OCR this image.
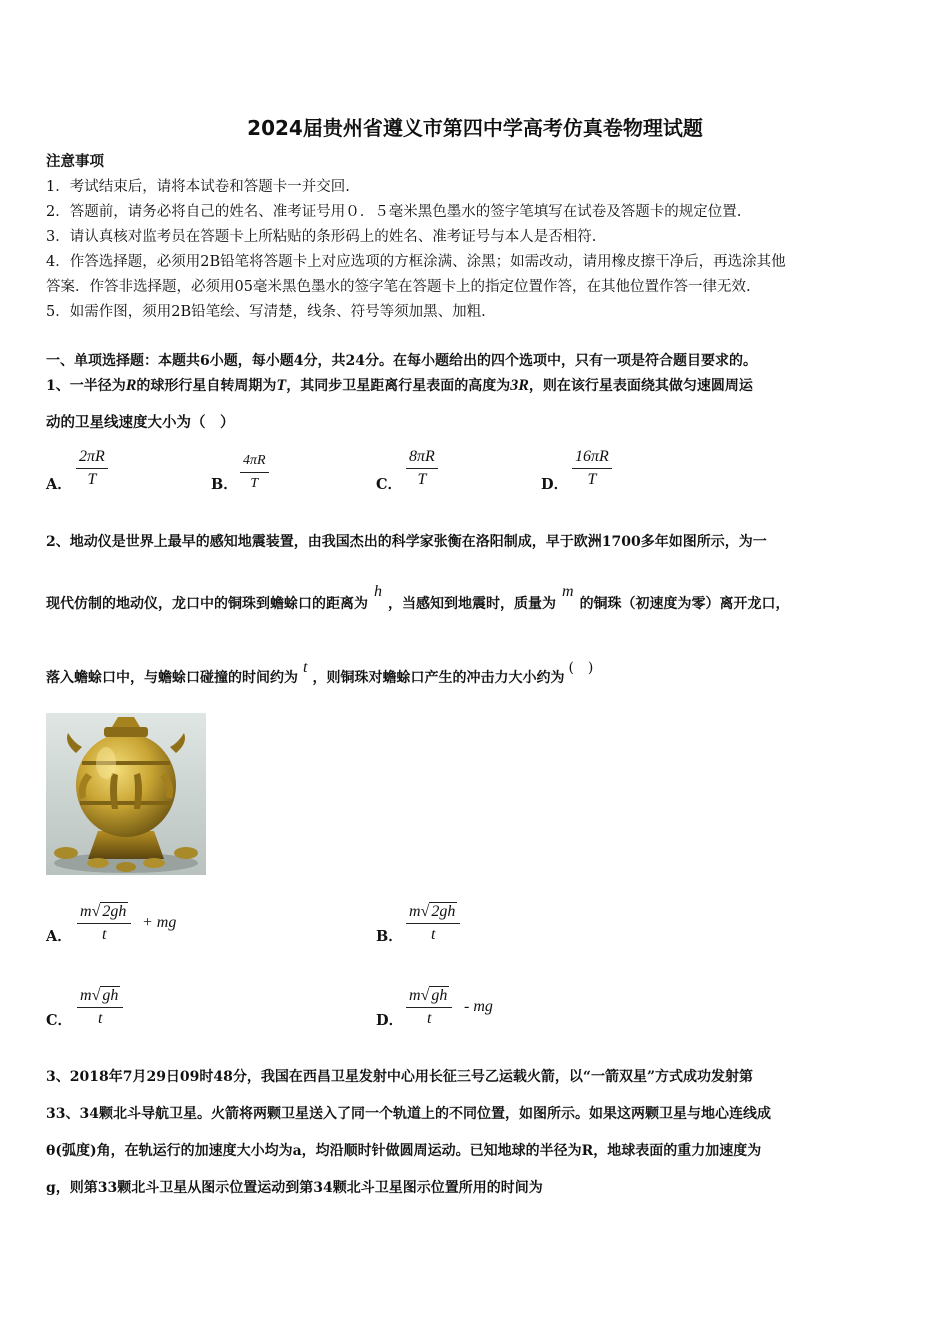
2024届贵州省遵义市第四中学高考仿真卷物理试题
注意事项
1．考试结束后，请将本试卷和答题卡一并交回.
2．答题前，请务必将自己的姓名、准考证号用０．５毫米黑色墨水的签字笔填写在试卷及答题卡的规定位置.
3．请认真核对监考员在答题卡上所粘贴的条形码上的姓名、准考证号与本人是否相符.
4．作答选择题，必须用2B铅笔将答题卡上对应选项的方框涂满、涂黑；如需改动，请用橡皮擦干净后，再选涂其他
答案．作答非选择题，必须用05毫米黑色墨水的签字笔在答题卡上的指定位置作答，在其他位置作答一律无效.
5．如需作图，须用2B铅笔绘、写清楚，线条、符号等须加黑、加粗.
一、单项选择题：本题共6小题，每小题4分，共24分。在每小题给出的四个选项中，只有一项是符合题目要求的。
1、一半径为R的球形行星自转周期为T，其同步卫星距离行星表面的高度为3R，则在该行星表面绕其做匀速圆周运
动的卫星线速度大小为（　）
A． $\frac{2\pi R}{T}$	B． $\frac{4\pi R}{T}$	C． $\frac{8\pi R}{T}$	D． $\frac{16\pi R}{T}$
2、地动仪是世界上最早的感知地震装置，由我国杰出的科学家张衡在洛阳制成，早于欧洲1700多年如图所示，为一
现代仿制的地动仪，龙口中的铜珠到蟾蜍口的距离为h，当感知到地震时，质量为m的铜珠（初速度为零）离开龙口，
落入蟾蜍口中，与蟾蜍口碰撞的时间约为t，则铜珠对蟾蜍口产生的冲击力大小约为(　)
A． $\frac{m√ 2gh}{t}$ + mg
B． $\frac{m√ 2gh}{t}$
C． $\frac{m√ gh}{t}$	D． $\frac{m√ gh}{t}$ - mg
3、2018年7月29日09时48分，我国在西昌卫星发射中心用长征三号乙运载火箭，以“一箭双星”方式成功发射第
33、34颗北斗导航卫星。火箭将两颗卫星送入了同一个轨道上的不同位置，如图所示。如果这两颗卫星与地心连线成
θ(弧度)角，在轨运行的加速度大小均为a，均沿顺时针做圆周运动。已知地球的半径为R，地球表面的重力加速度为
g，则第33颗北斗卫星从图示位置运动到第34颗北斗卫星图示位置所用的时间为
